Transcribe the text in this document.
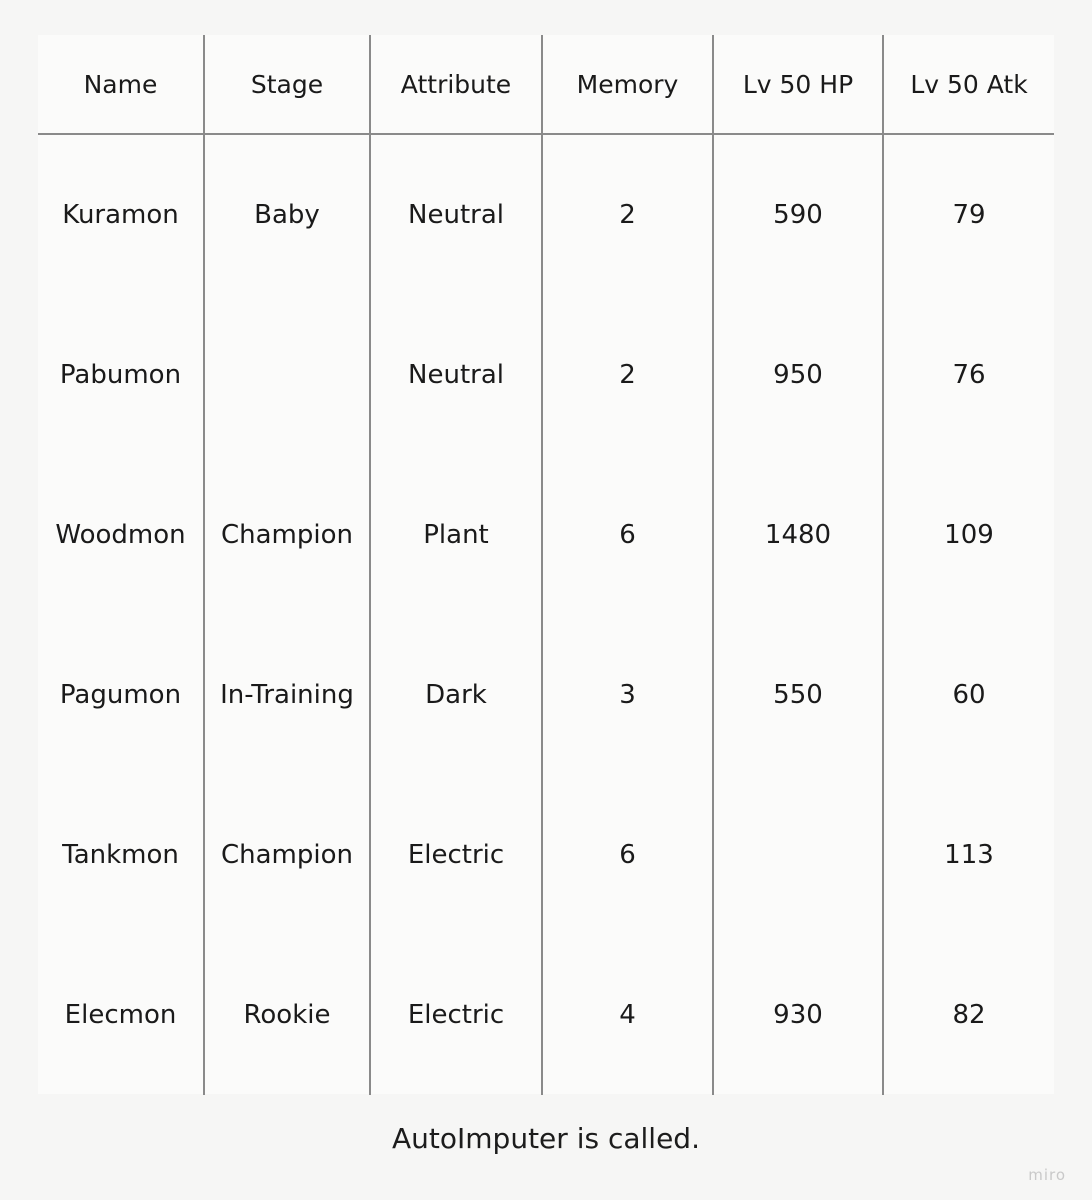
Name	Stage	Attribute	Memory	Lv 50 HP	Lv 50 Atk
Kuramon	Baby	Neutral	2	590	79
Pabumon		Neutral	2	950	76
Woodmon	Champion	Plant	6	1480	109
Pagumon	In-Training	Dark	3	550	60
Tankmon	Champion	Electric	6		113
Elecmon	Rookie	Electric	4	930	82
AutoImputer is called.
miro
